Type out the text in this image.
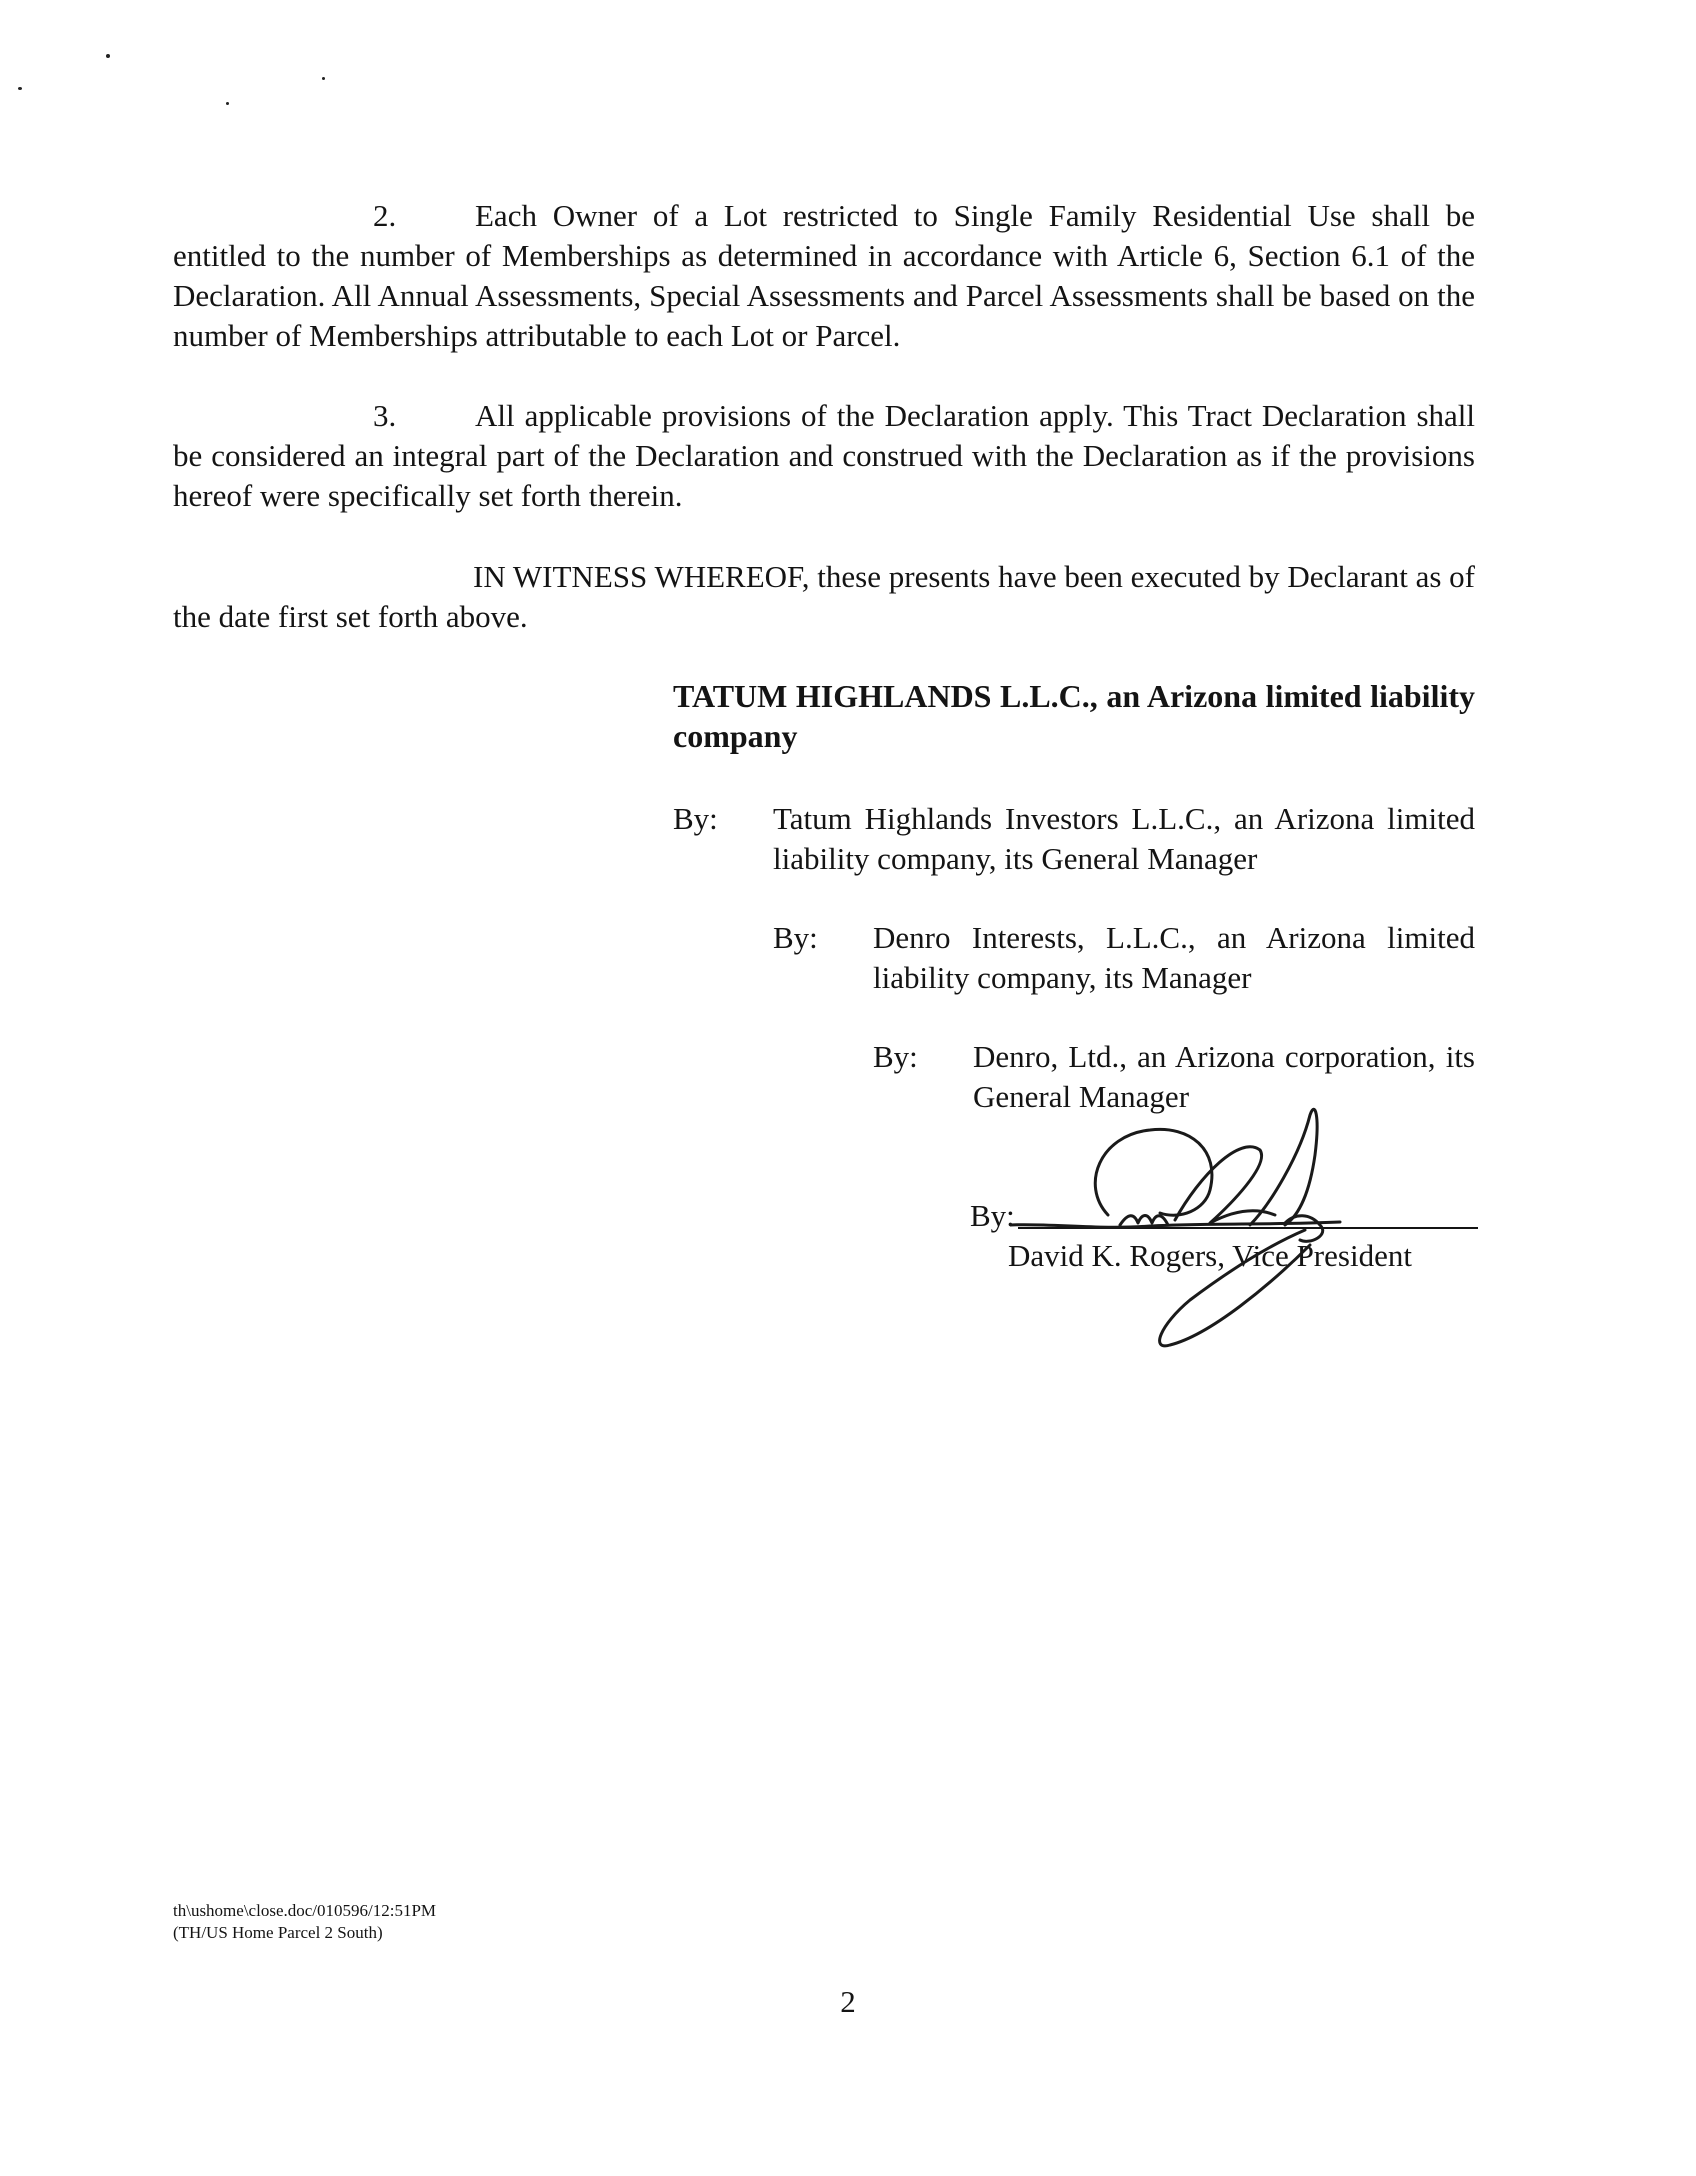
2.	Each Owner of a Lot restricted to Single Family Residential Use shall be entitled to the number of Memberships as determined in accordance with Article 6, Section 6.1 of the Declaration. All Annual Assessments, Special Assessments and Parcel Assessments shall be based on the number of Memberships attributable to each Lot or Parcel.

3.	All applicable provisions of the Declaration apply. This Tract Declaration shall be considered an integral part of the Declaration and construed with the Declaration as if the provisions hereof were specifically set forth therein.

IN WITNESS WHEREOF, these presents have been executed by Declarant as of the date first set forth above.

TATUM HIGHLANDS L.L.C., an Arizona limited liability company
By: Tatum Highlands Investors L.L.C., an Arizona limited liability company, its General Manager
By: Denro Interests, L.L.C., an Arizona limited liability company, its Manager
By: Denro, Ltd., an Arizona corporation, its General Manager
By:
David K. Rogers, Vice President
th\ushome\close.doc/010596/12:51PM
(TH/US Home Parcel 2 South)
2
